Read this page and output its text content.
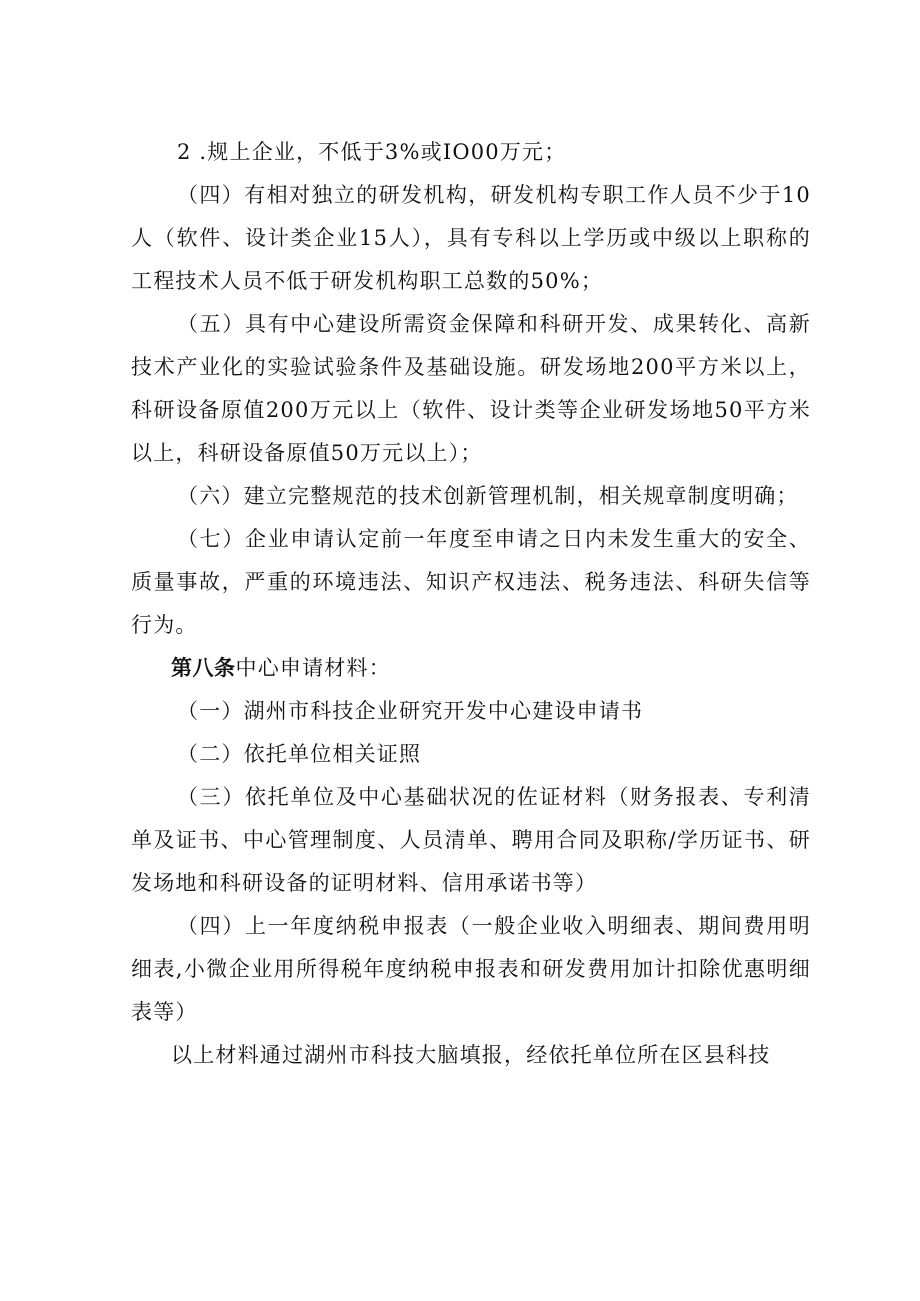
2 .规上企业，不低于3%或IO00万元；

（四）有相对独立的研发机构，研发机构专职工作人员不少于10人（软件、设计类企业15人），具有专科以上学历或中级以上职称的工程技术人员不低于研发机构职工总数的50%；

（五）具有中心建设所需资金保障和科研开发、成果转化、高新技术产业化的实验试验条件及基础设施。研发场地200平方米以上，科研设备原值200万元以上（软件、设计类等企业研发场地50平方米以上，科研设备原值50万元以上）；

（六）建立完整规范的技术创新管理机制，相关规章制度明确；

（七）企业申请认定前一年度至申请之日内未发生重大的安全、质量事故，严重的环境违法、知识产权违法、税务违法、科研失信等行为。

第八条中心申请材料：

（一）湖州市科技企业研究开发中心建设申请书

（二）依托单位相关证照

（三）依托单位及中心基础状况的佐证材料（财务报表、专利清单及证书、中心管理制度、人员清单、聘用合同及职称/学历证书、研发场地和科研设备的证明材料、信用承诺书等）

（四）上一年度纳税申报表（一般企业收入明细表、期间费用明细表,小微企业用所得税年度纳税申报表和研发费用加计扣除优惠明细表等）

以上材料通过湖州市科技大脑填报，经依托单位所在区县科技
